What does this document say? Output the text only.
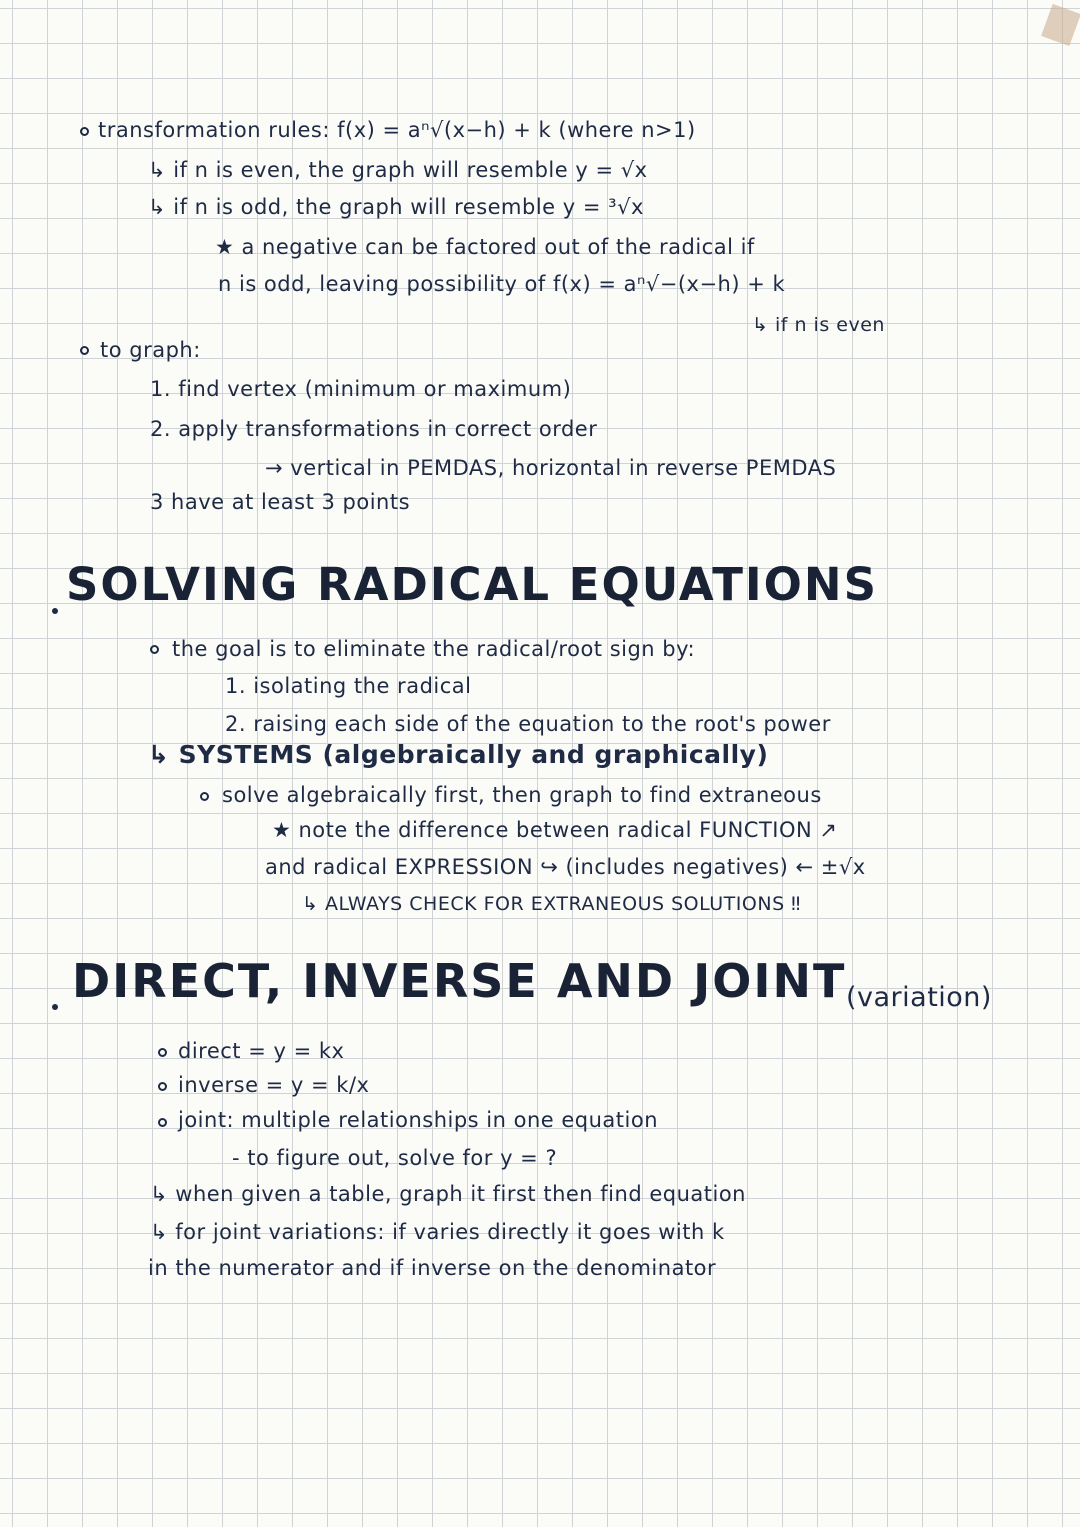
transformation rules: f(x) = aⁿ√(x−h) + k (where n>1)
↳ if n is even, the graph will resemble y = √x
↳ if n is odd, the graph will resemble y = ³√x
★ a negative can be factored out of the radical if
n is odd, leaving possibility of f(x) = aⁿ√−(x−h) + k
↳ if n is even
to graph:
1. find vertex (minimum or maximum)
2. apply transformations in correct order
→ vertical in PEMDAS, horizontal in reverse PEMDAS
3 have at least 3 points
SOLVING RADICAL EQUATIONS
the goal is to eliminate the radical/root sign by:
1. isolating the radical
2. raising each side of the equation to the root's power
↳ SYSTEMS (algebraically and graphically)
solve algebraically first, then graph to find extraneous
★ note the difference between radical FUNCTION ↗
and radical EXPRESSION ↪ (includes negatives) ← ±√x
↳ ALWAYS CHECK FOR EXTRANEOUS SOLUTIONS ‼
DIRECT, INVERSE AND JOINT (variation)
direct = y = kx
inverse = y = k/x
joint: multiple relationships in one equation
- to figure out, solve for y = ?
↳ when given a table, graph it first then find equation
↳ for joint variations: if varies directly it goes with k
in the numerator and if inverse on the denominator
